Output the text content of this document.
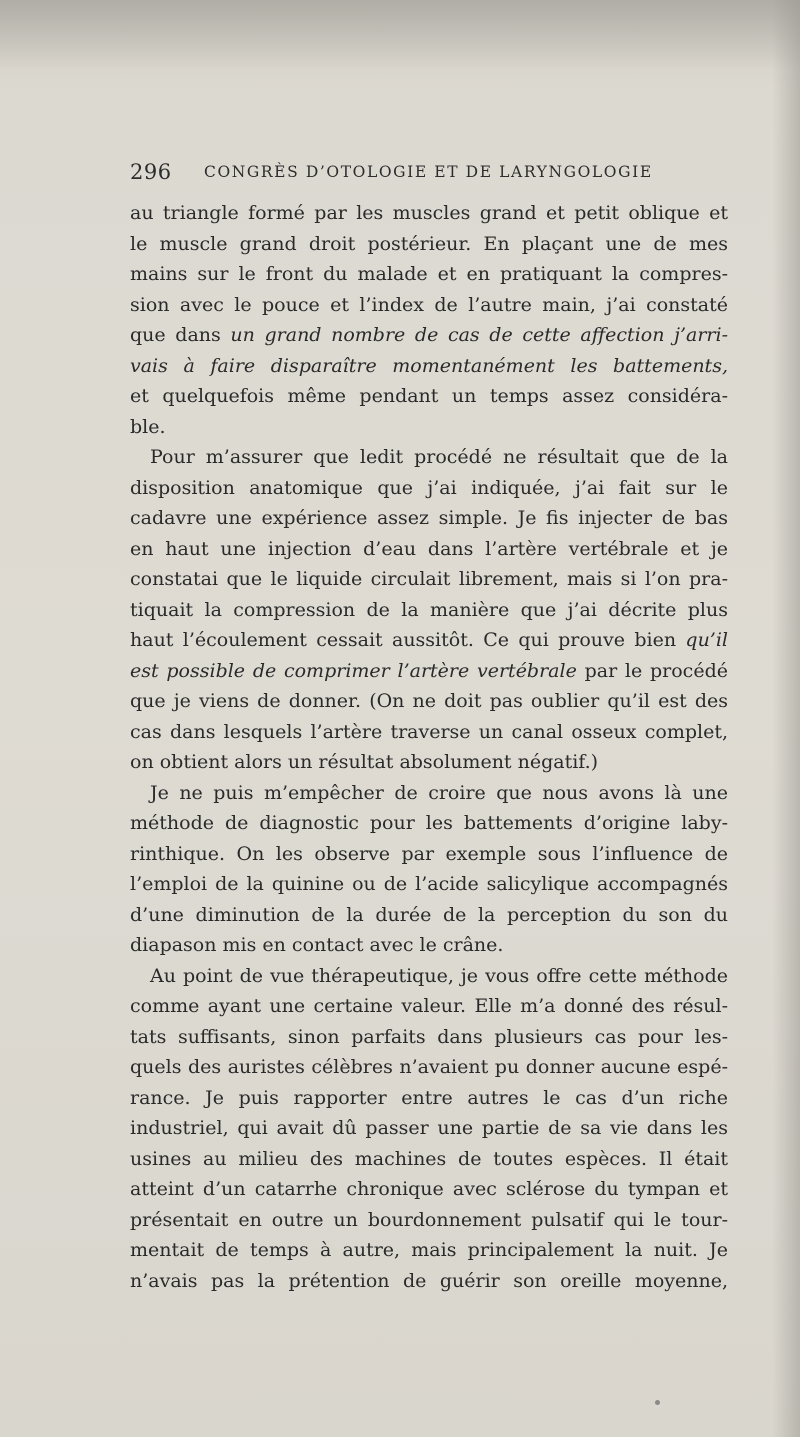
296 CONGRÈS D’OTOLOGIE ET DE LARYNGOLOGIE
au triangle formé par les muscles grand et petit oblique et
le muscle grand droit postérieur. En plaçant une de mes
mains sur le front du malade et en pratiquant la compres-
sion avec le pouce et l’index de l’autre main, j’ai constaté
que dans un grand nombre de cas de cette affection j’arri-
vais à faire disparaître momentanément les battements,
et quelquefois même pendant un temps assez considéra-
ble.
Pour m’assurer que ledit procédé ne résultait que de la
disposition anatomique que j’ai indiquée, j’ai fait sur le
cadavre une expérience assez simple. Je fis injecter de bas
en haut une injection d’eau dans l’artère vertébrale et je
constatai que le liquide circulait librement, mais si l’on pra-
tiquait la compression de la manière que j’ai décrite plus
haut l’écoulement cessait aussitôt. Ce qui prouve bien qu’il
est possible de comprimer l’artère vertébrale par le procédé
que je viens de donner. (On ne doit pas oublier qu’il est des
cas dans lesquels l’artère traverse un canal osseux complet,
on obtient alors un résultat absolument négatif.)
Je ne puis m’empêcher de croire que nous avons là une
méthode de diagnostic pour les battements d’origine laby-
rinthique. On les observe par exemple sous l’influence de
l’emploi de la quinine ou de l’acide salicylique accompagnés
d’une diminution de la durée de la perception du son du
diapason mis en contact avec le crâne.
Au point de vue thérapeutique, je vous offre cette méthode
comme ayant une certaine valeur. Elle m’a donné des résul-
tats suffisants, sinon parfaits dans plusieurs cas pour les-
quels des auristes célèbres n’avaient pu donner aucune espé-
rance. Je puis rapporter entre autres le cas d’un riche
industriel, qui avait dû passer une partie de sa vie dans les
usines au milieu des machines de toutes espèces. Il était
atteint d’un catarrhe chronique avec sclérose du tympan et
présentait en outre un bourdonnement pulsatif qui le tour-
mentait de temps à autre, mais principalement la nuit. Je
n’avais pas la prétention de guérir son oreille moyenne,
